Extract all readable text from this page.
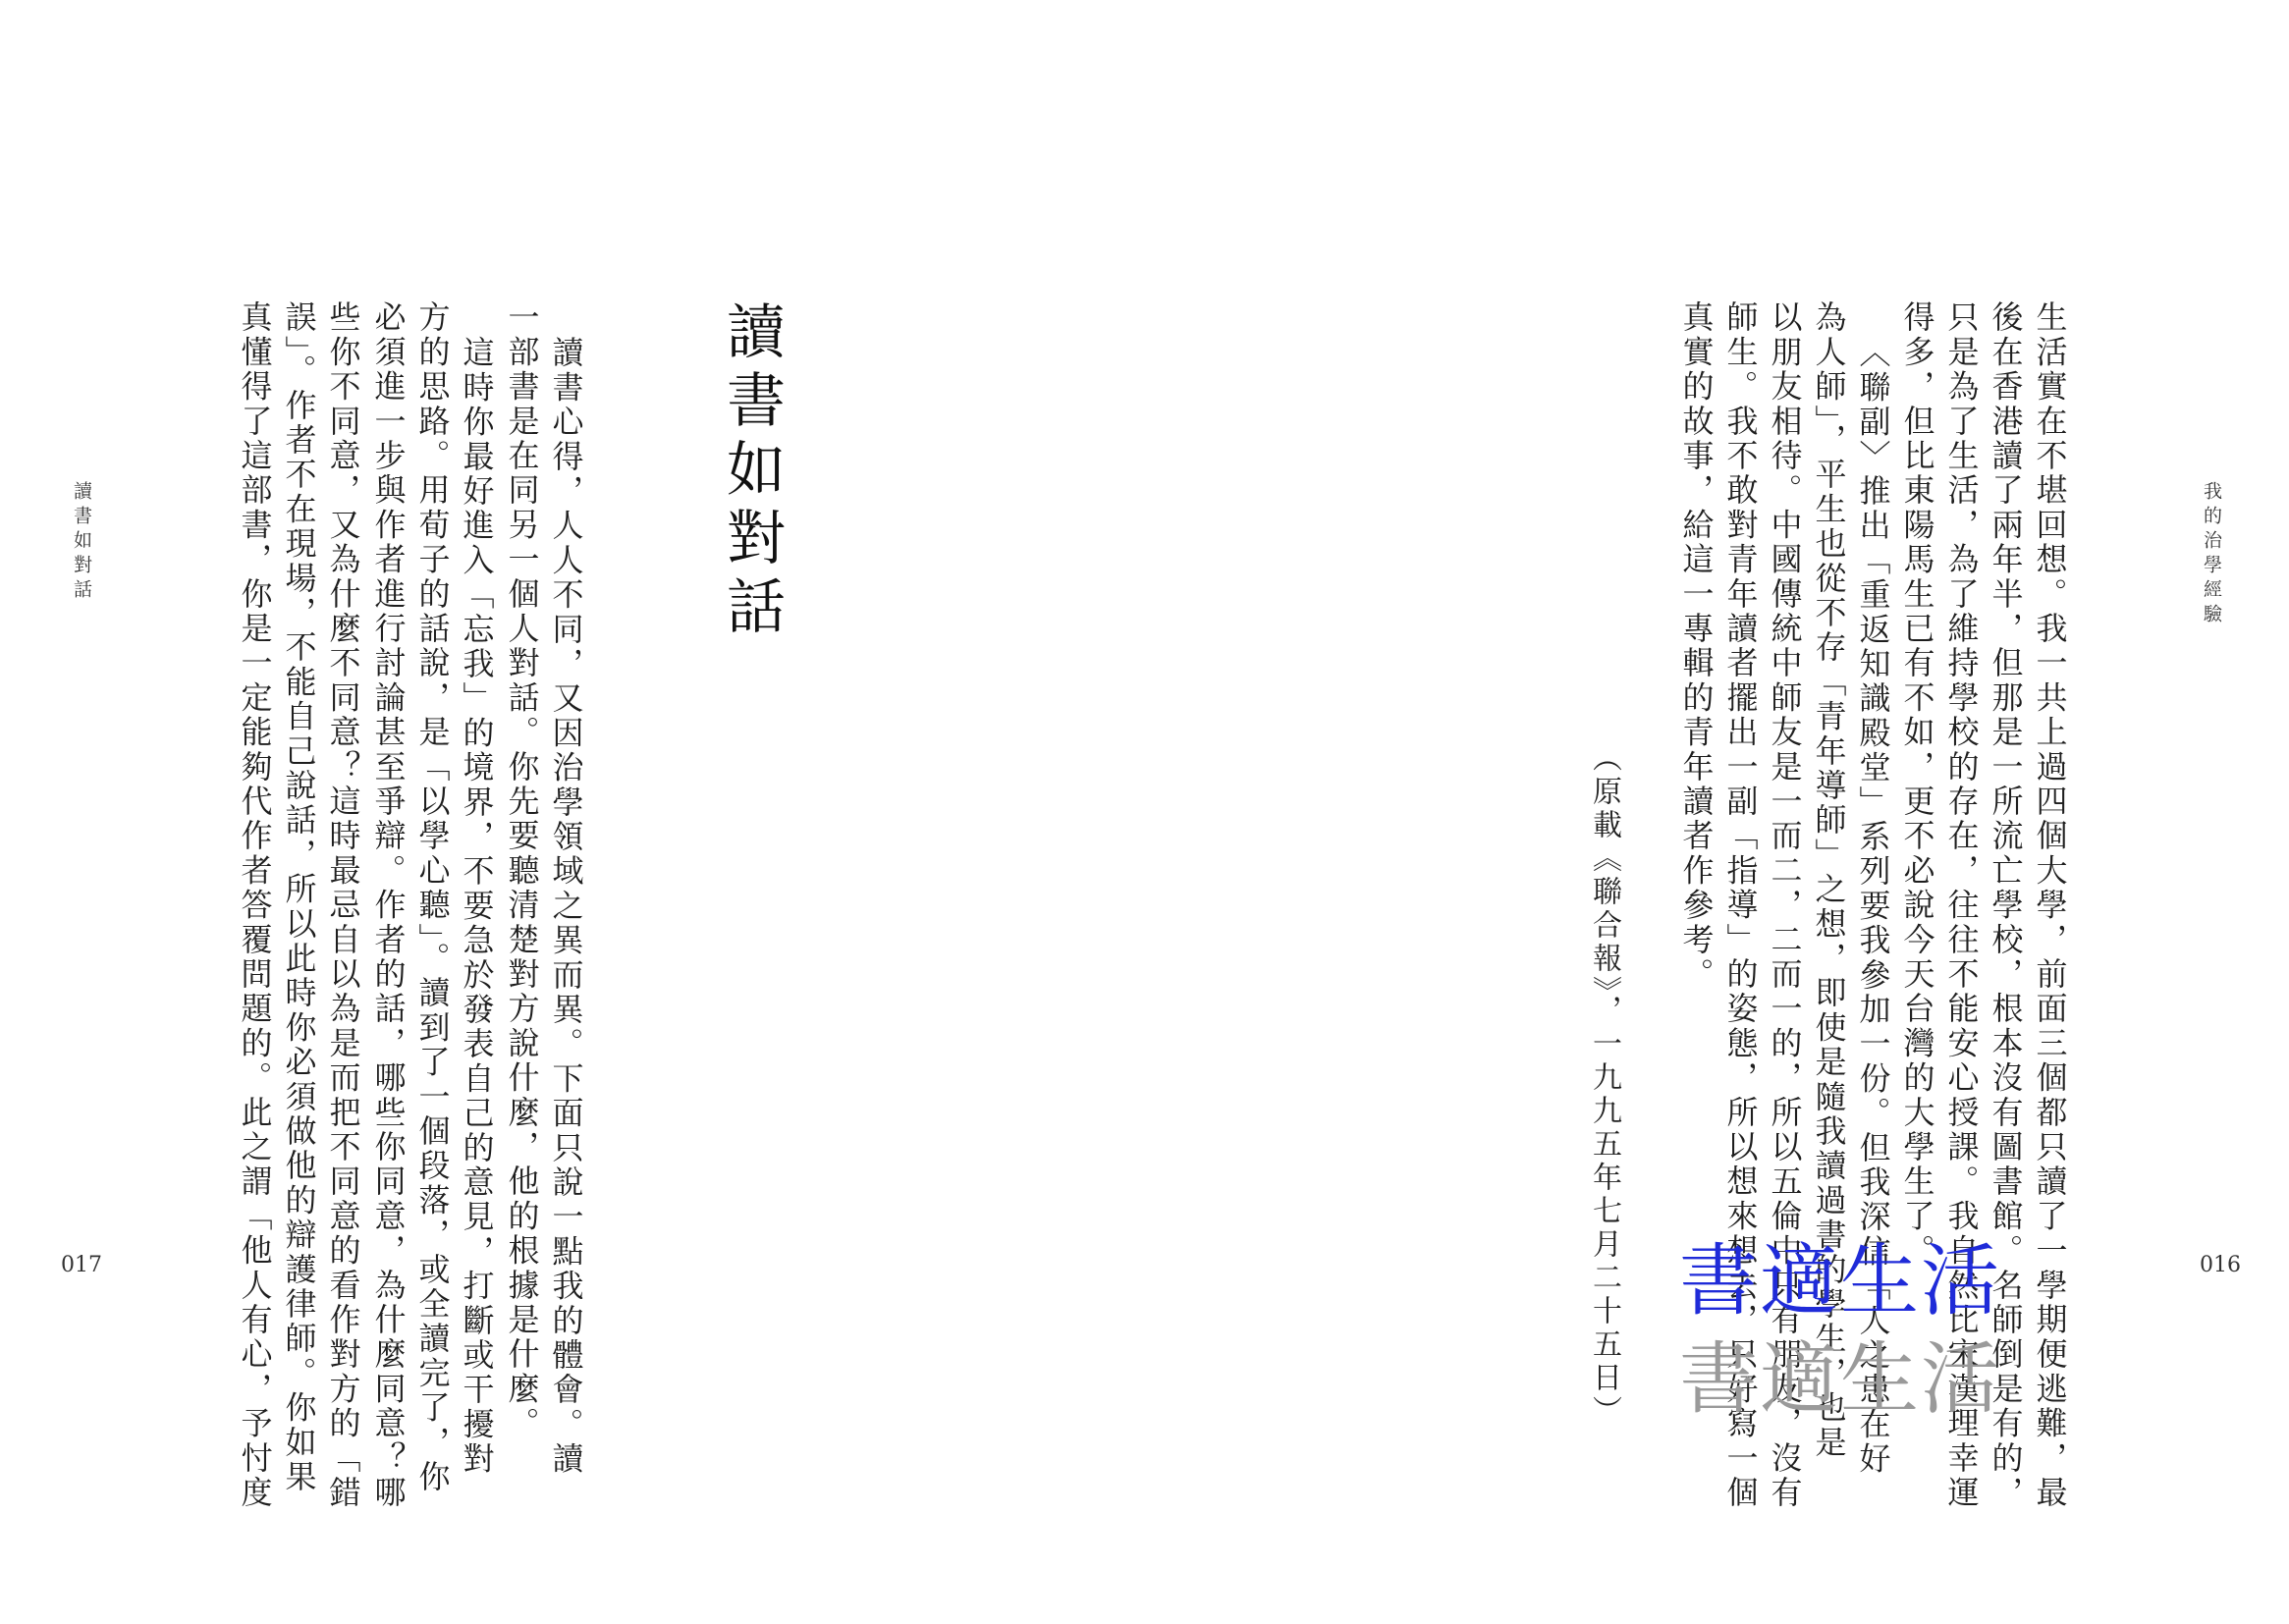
讀書如對話
017	真懂得了這部書，你是一定能夠代作者答覆問題的。此之謂「他人有心，予忖度 誤」。作者不在現場，不能自己說話，所以此時你必須做他的辯護律師。你如果 些你不同意，又為什麼不同意？這時最忌自以為是而把不同意的看作對方的「錯 必須進一步與作者進行討論甚至爭辯。作者的話，哪些你同意，為什麼同意？哪 方的思路。用荀子的話說，是「以學心聽」。讀到了一個段落，或全讀完了，你 這時你最好進入「忘我」的境界，不要急於發表自己的意見，打斷或干擾對 一部書是在同另一個人對話。你先要聽清楚對方說什麼，他的根據是什麼。 讀書心得，人人不同，又因治學領域之異而異。下面只說一點我的體會。讀 讀書如對話	我的治學經驗
016
（原載《聯合報》，一九九五年七月二十五日）
真實的故事，給這一專輯的青年讀者作參考。 師生。我不敢對青年讀者擺出一副「指導」的姿態，所以想來想去，只好寫一個 以朋友相待。中國傳統中師友是一而二，二而一的，所以五倫中只有朋友，沒有 為人師」，平生也從不存「青年導師」之想，即使是隨我讀過書的學生，也是 〈聯副〉推出「重返知識殿堂」系列要我參加一份。但我深信「人之患在好 得多，但比東陽馬生已有不如，更不必說今天台灣的大學生了。 只是為了生活，為了維持學校的存在，往往不能安心授課。我自然比宋漢理幸運 後在香港讀了兩年半，但那是一所流亡學校，根本沒有圖書館。名師倒是有的， 生活實在不堪回想。我一共上過四個大學，前面三個都只讀了一學期便逃難，最
書適生活
書適生活
